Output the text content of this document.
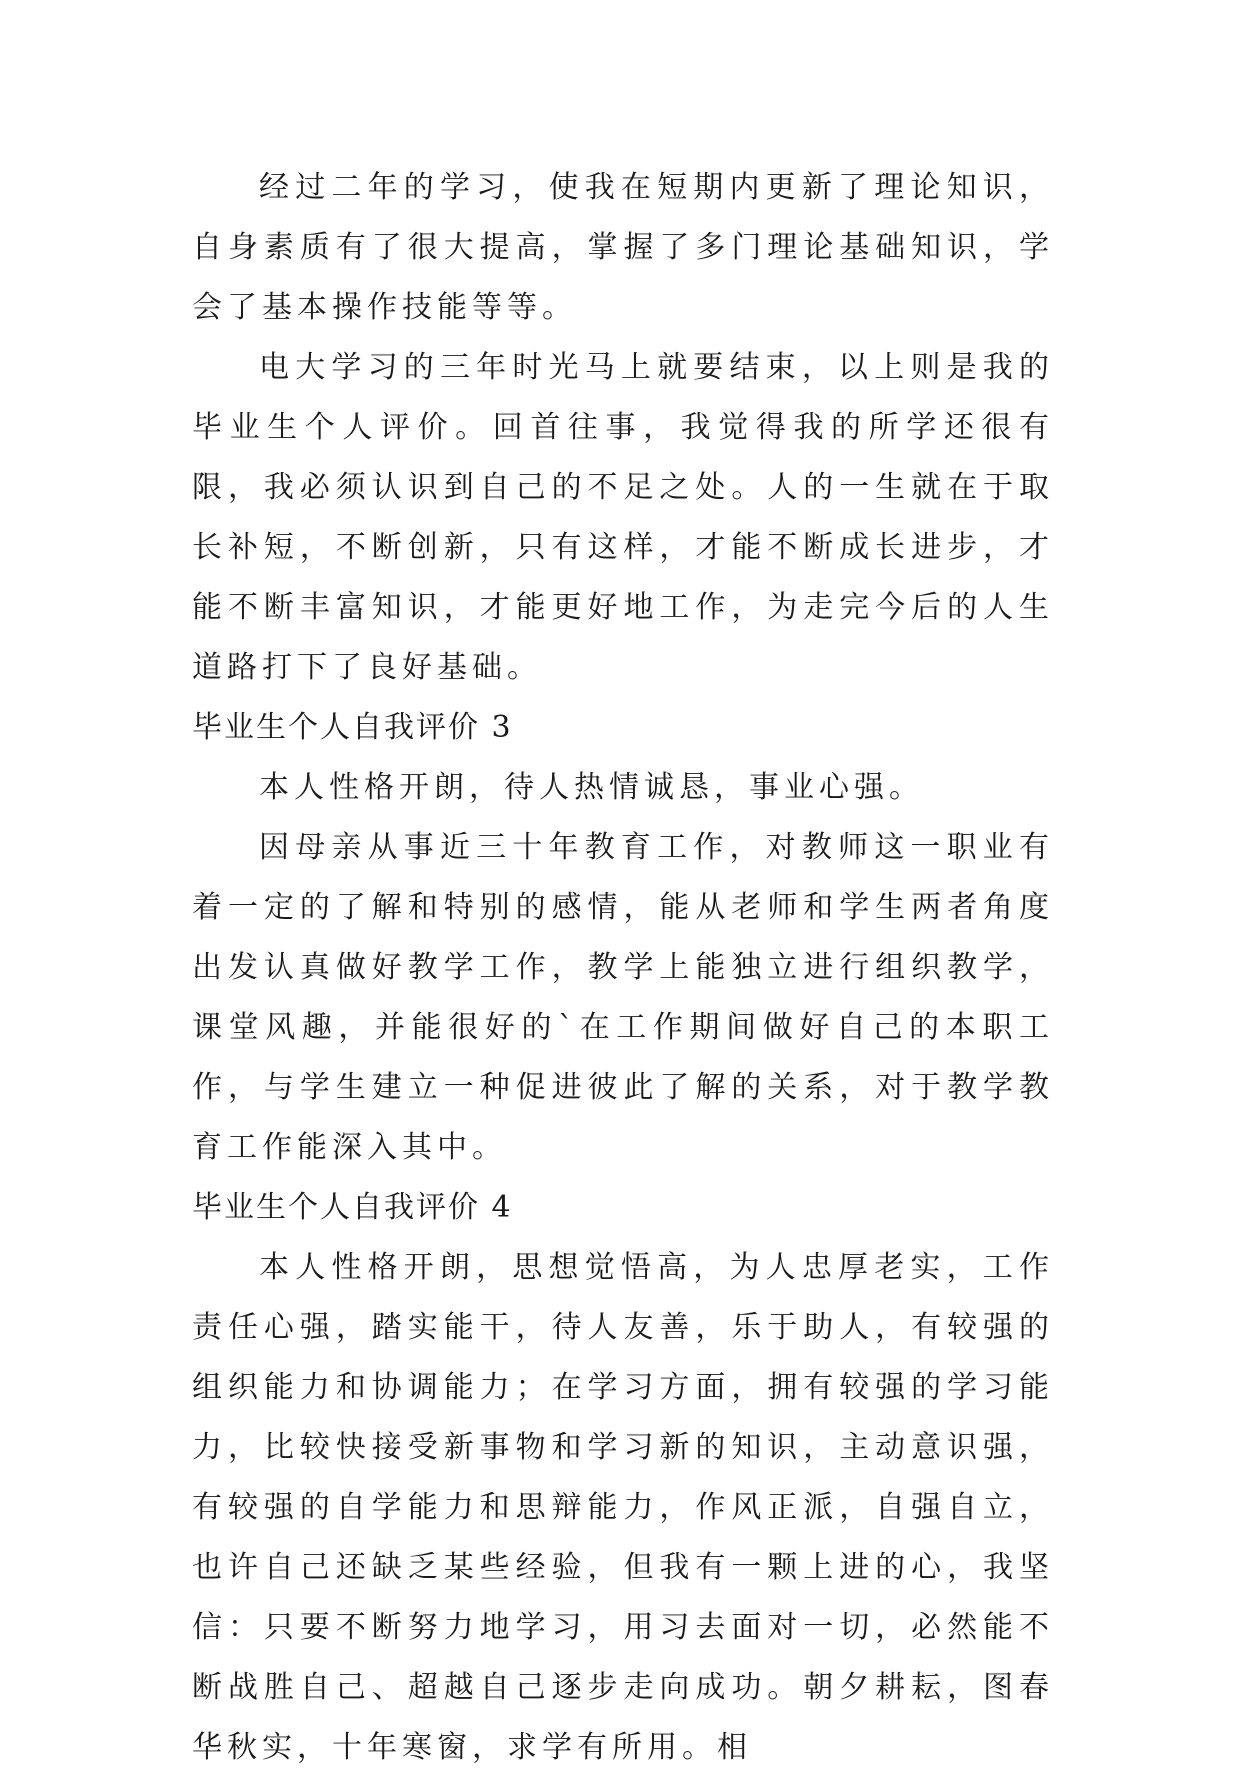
经过二年的学习，使我在短期内更新了理论知识，自身素质有了很大提高，掌握了多门理论基础知识，学会了基本操作技能等等。

电大学习的三年时光马上就要结束，以上则是我的毕业生个人评价。回首往事，我觉得我的所学还很有限，我必须认识到自己的不足之处。人的一生就在于取长补短，不断创新，只有这样，才能不断成长进步，才能不断丰富知识，才能更好地工作，为走完今后的人生道路打下了良好基础。

毕业生个人自我评价 3

本人性格开朗，待人热情诚恳，事业心强。

因母亲从事近三十年教育工作，对教师这一职业有着一定的了解和特别的感情，能从老师和学生两者角度出发认真做好教学工作，教学上能独立进行组织教学，课堂风趣，并能很好的`在工作期间做好自己的本职工作，与学生建立一种促进彼此了解的关系，对于教学教育工作能深入其中。

毕业生个人自我评价 4

本人性格开朗，思想觉悟高，为人忠厚老实，工作责任心强，踏实能干，待人友善，乐于助人，有较强的组织能力和协调能力；在学习方面，拥有较强的学习能力，比较快接受新事物和学习新的知识，主动意识强，有较强的自学能力和思辩能力，作风正派，自强自立，也许自己还缺乏某些经验，但我有一颗上进的心，我坚信：只要不断努力地学习，用习去面对一切，必然能不断战胜自己、超越自己逐步走向成功。朝夕耕耘，图春华秋实，十年寒窗，求学有所用。相
